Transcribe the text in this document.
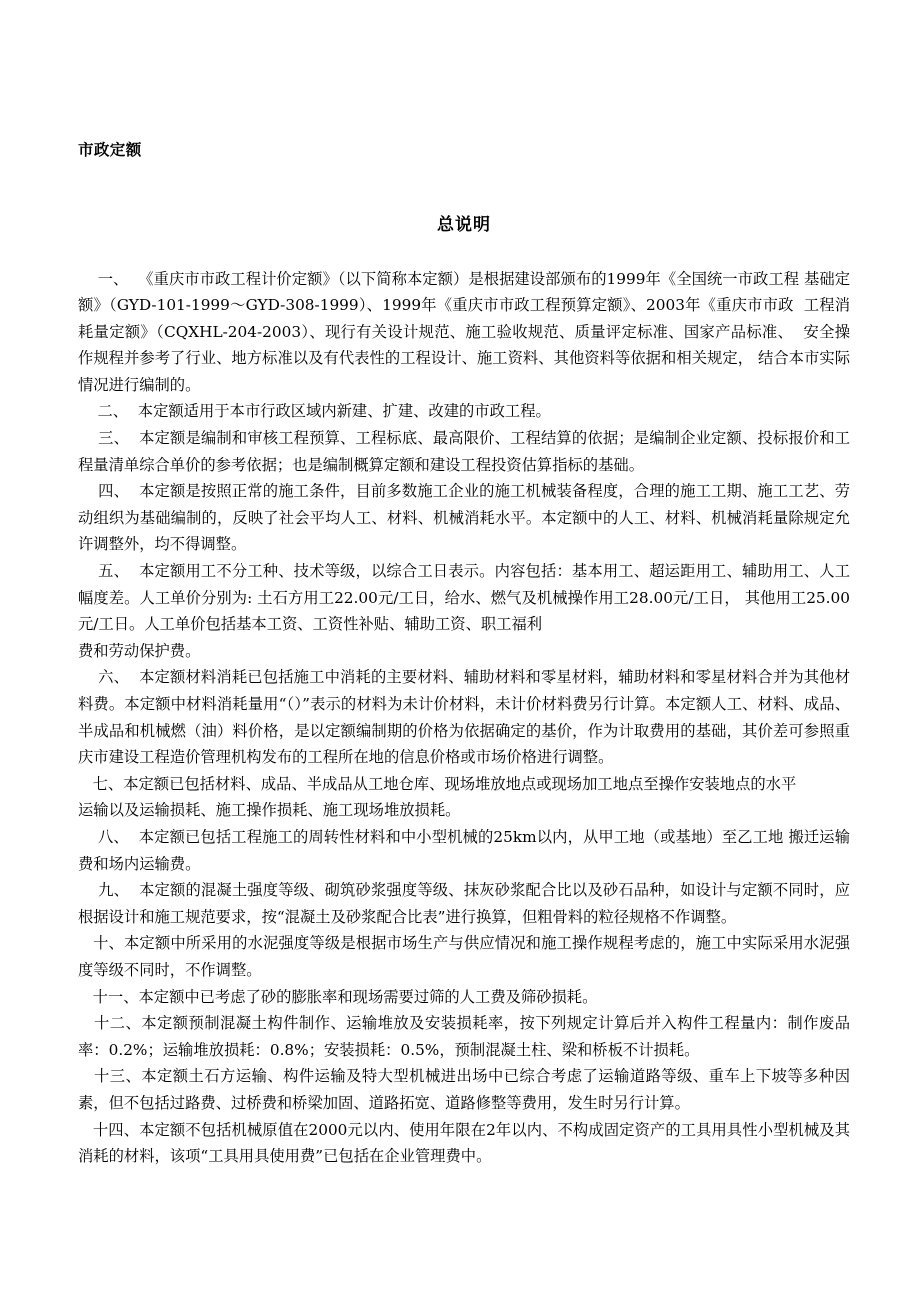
市政定额
总说明

一、  《重庆市市政工程计价定额》（以下简称本定额）是根据建设部颁布的1999年《全国统一市政工程 基础定额》（GYD-101-1999～GYD-308-1999）、1999年《重庆市市政工程预算定额》、2003年《重庆市市政  工程消耗量定额》（CQXHL-204-2003）、现行有关设计规范、施工验收规范、质量评定标准、国家产品标准、  安全操作规程并参考了行业、地方标准以及有代表性的工程设计、施工资料、其他资料等依据和相关规定， 结合本市实际情况进行编制的。

二、  本定额适用于本市行政区域内新建、扩建、改建的市政工程。

三、  本定额是编制和审核工程预算、工程标底、最高限价、工程结算的依据；是编制企业定额、投标报价和工程量清单综合单价的参考依据；也是编制概算定额和建设工程投资估算指标的基础。

四、  本定额是按照正常的施工条件，目前多数施工企业的施工机械装备程度，合理的施工工期、施工工艺、劳动组织为基础编制的，反映了社会平均人工、材料、机械消耗水平。本定额中的人工、材料、机械消耗量除规定允许调整外，均不得调整。

五、  本定额用工不分工种、技术等级，以综合工日表示。内容包括：基本用工、超运距用工、辅助用工、人工幅度差。人工单价分别为: 土石方用工22.00元/工日，给水、燃气及机械操作用工28.00元/工日， 其他用工25.00元/工日。人工单价包括基本工资、工资性补贴、辅助工资、职工福利

费和劳动保护费。

六、  本定额材料消耗已包括施工中消耗的主要材料、辅助材料和零星材料，辅助材料和零星材料合并为其他材料费。本定额中材料消耗量用“（）”表示的材料为未计价材料，未计价材料费另行计算。本定额人工、材料、成品、半成品和机械燃（油）料价格，是以定额编制期的价格为依据确定的基价，作为计取费用的基础，其价差可参照重庆市建设工程造价管理机构发布的工程所在地的信息价格或市场价格进行调整。

七、本定额已包括材料、成品、半成品从工地仓库、现场堆放地点或现场加工地点至操作安装地点的水平

运输以及运输损耗、施工操作损耗、施工现场堆放损耗。

八、  本定额已包括工程施工的周转性材料和中小型机械的25km以内，从甲工地（或基地）至乙工地 搬迁运输费和场内运输费。

九、  本定额的混凝土强度等级、砌筑砂浆强度等级、抹灰砂浆配合比以及砂石品种，如设计与定额不同时，应根据设计和施工规范要求，按“混凝土及砂浆配合比表”进行换算，但粗骨料的粒径规格不作调整。

十、本定额中所采用的水泥强度等级是根据市场生产与供应情况和施工操作规程考虑的，施工中实际采用水泥强度等级不同时，不作调整。

十一、本定额中已考虑了砂的膨胀率和现场需要过筛的人工费及筛砂损耗。

十二、本定额预制混凝土构件制作、运输堆放及安装损耗率，按下列规定计算后并入构件工程量内：制作废品率：0.2%；运输堆放损耗：0.8%；安装损耗：0.5%，预制混凝土柱、梁和桥板不计损耗。

十三、本定额土石方运输、构件运输及特大型机械进出场中已综合考虑了运输道路等级、重车上下坡等多种因素，但不包括过路费、过桥费和桥梁加固、道路拓宽、道路修整等费用，发生时另行计算。

十四、本定额不包括机械原值在2000元以内、使用年限在2年以内、不构成固定资产的工具用具性小型机械及其消耗的材料，该项“工具用具使用费”已包括在企业管理费中。
